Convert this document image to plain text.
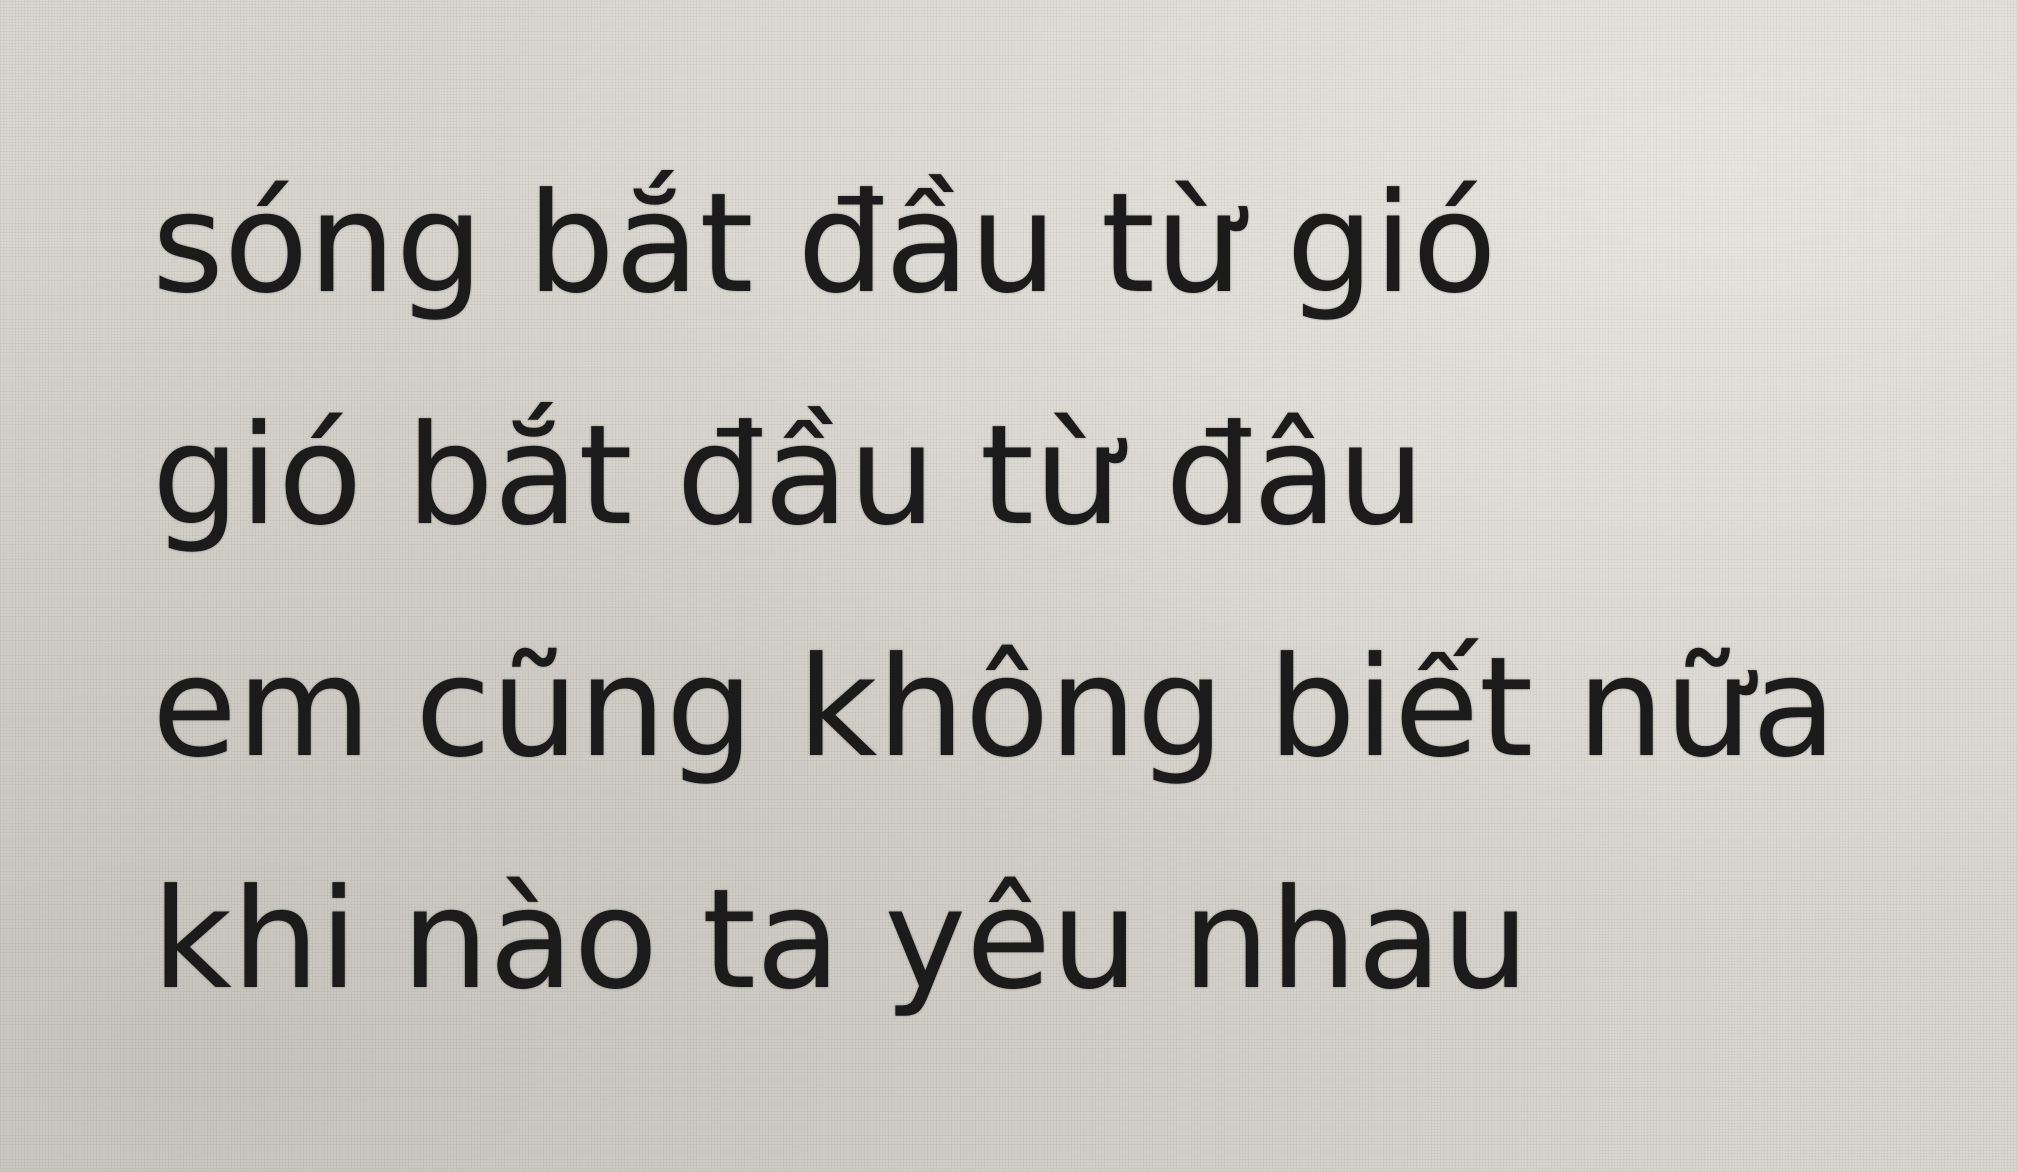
sóng bắt đầu từ gió
gió bắt đầu từ đâu
em cũng không biết nữa
khi nào ta yêu nhau
